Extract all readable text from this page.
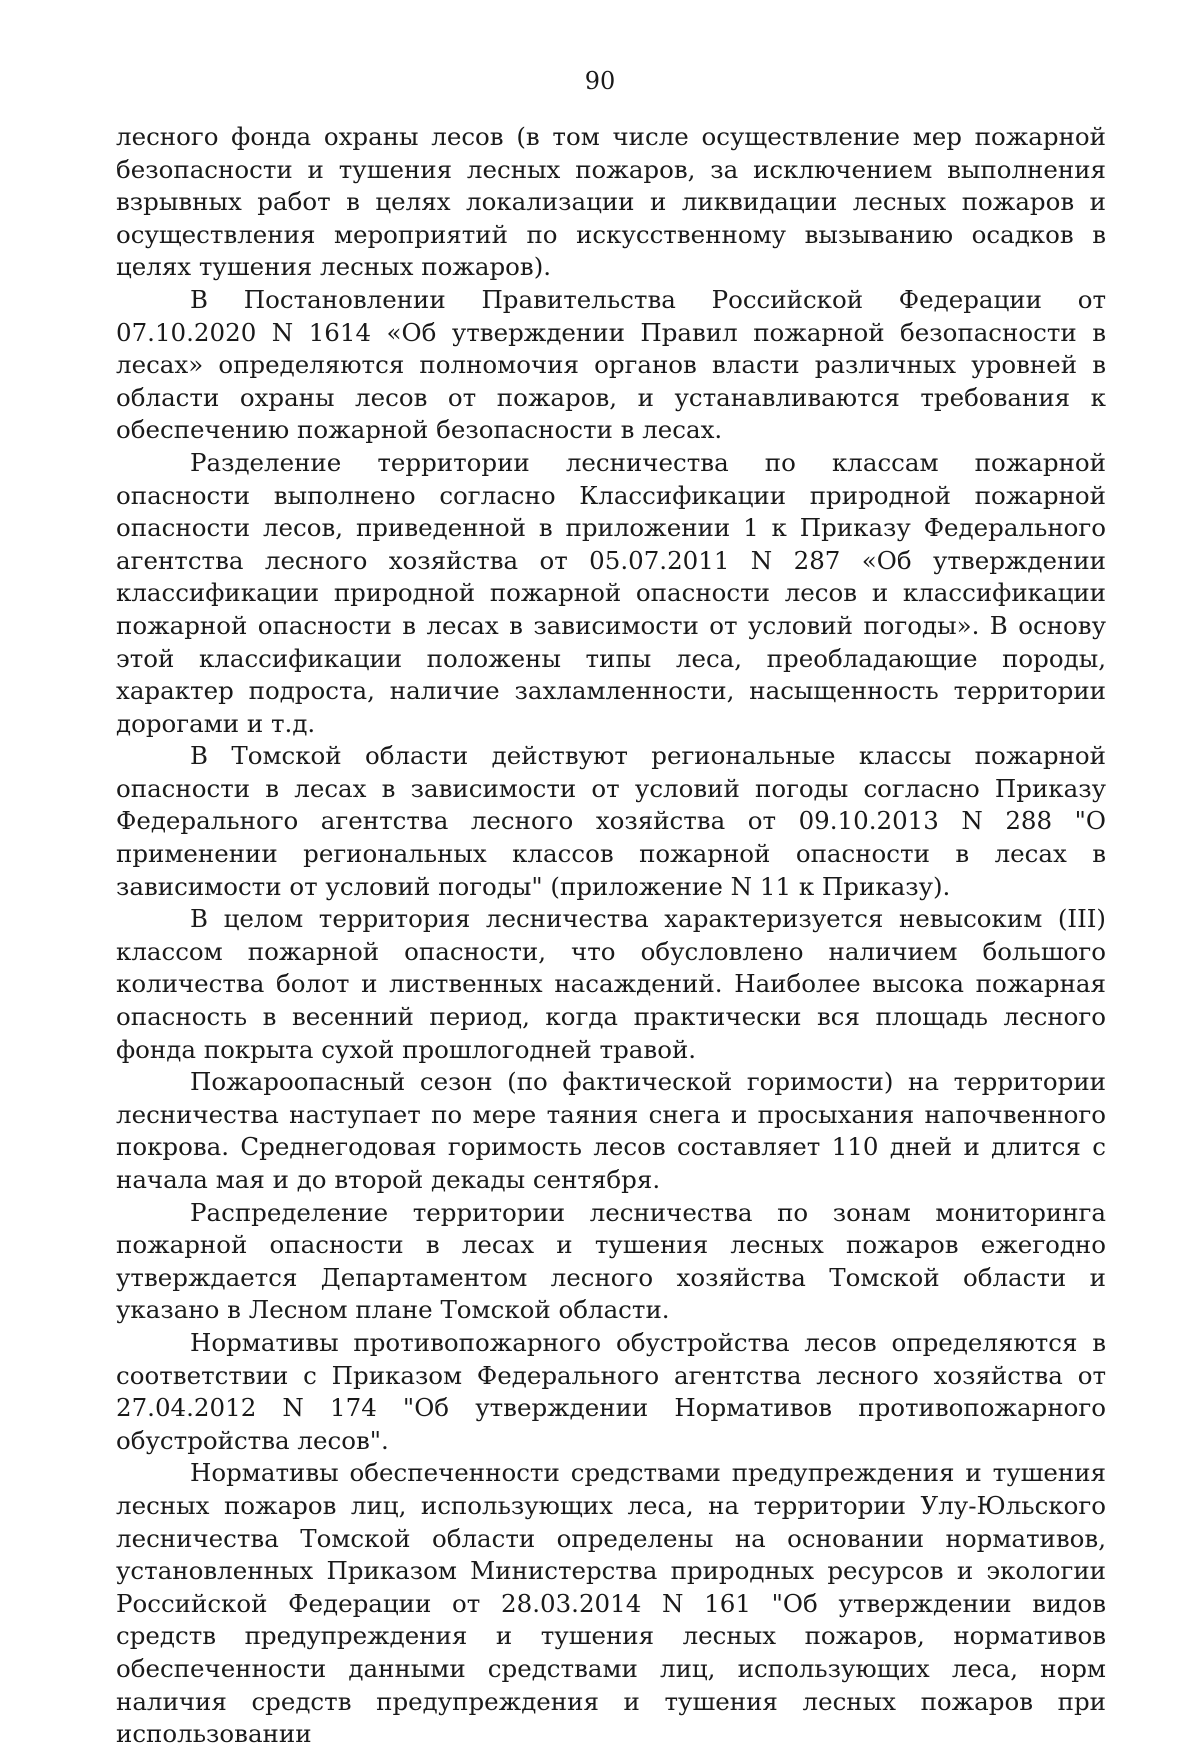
90

лесного фонда охраны лесов (в том числе осуществление мер пожарной безопасности и тушения лесных пожаров, за исключением выполнения взрывных работ в целях локализации и ликвидации лесных пожаров и осуществления мероприятий по искусственному вызыванию осадков в целях тушения лесных пожаров).

В Постановлении Правительства Российской Федерации от 07.10.2020 N 1614 «Об утверждении Правил пожарной безопасности в лесах» определяются полномочия органов власти различных уровней в области охраны лесов от пожаров, и устанавливаются требования к обеспечению пожарной безопасности в лесах.

Разделение территории лесничества по классам пожарной опасности выполнено согласно Классификации природной пожарной опасности лесов, приведенной в приложении 1 к Приказу Федерального агентства лесного хозяйства от 05.07.2011 N 287 «Об утверждении классификации природной пожарной опасности лесов и классификации пожарной опасности в лесах в зависимости от условий погоды». В основу этой классификации положены типы леса, преобладающие породы, характер подроста, наличие захламленности, насыщенность территории дорогами и т.д.

В Томской области действуют региональные классы пожарной опасности в лесах в зависимости от условий погоды согласно Приказу Федерального агентства лесного хозяйства от 09.10.2013 N 288 "О применении региональных классов пожарной опасности в лесах в зависимости от условий погоды" (приложение N 11 к Приказу).

В целом территория лесничества характеризуется невысоким (III) классом пожарной опасности, что обусловлено наличием большого количества болот и лиственных насаждений. Наиболее высока пожарная опасность в весенний период, когда практически вся площадь лесного фонда покрыта сухой прошлогодней травой.

Пожароопасный сезон (по фактической горимости) на территории лесничества наступает по мере таяния снега и просыхания напочвенного покрова. Среднегодовая горимость лесов составляет 110 дней и длится с начала мая и до второй декады сентября.

Распределение территории лесничества по зонам мониторинга пожарной опасности в лесах и тушения лесных пожаров ежегодно утверждается Департаментом лесного хозяйства Томской области и указано в Лесном плане Томской области.

Нормативы противопожарного обустройства лесов определяются в соответствии с Приказом Федерального агентства лесного хозяйства от 27.04.2012 N 174 "Об утверждении Нормативов противопожарного обустройства лесов".

Нормативы обеспеченности средствами предупреждения и тушения лесных пожаров лиц, использующих леса, на территории Улу-Юльского лесничества Томской области определены на основании нормативов, установленных Приказом Министерства природных ресурсов и экологии Российской Федерации от 28.03.2014 N 161 "Об утверждении видов средств предупреждения и тушения лесных пожаров, нормативов обеспеченности данными средствами лиц, использующих леса, норм наличия средств предупреждения и тушения лесных пожаров при использовании
